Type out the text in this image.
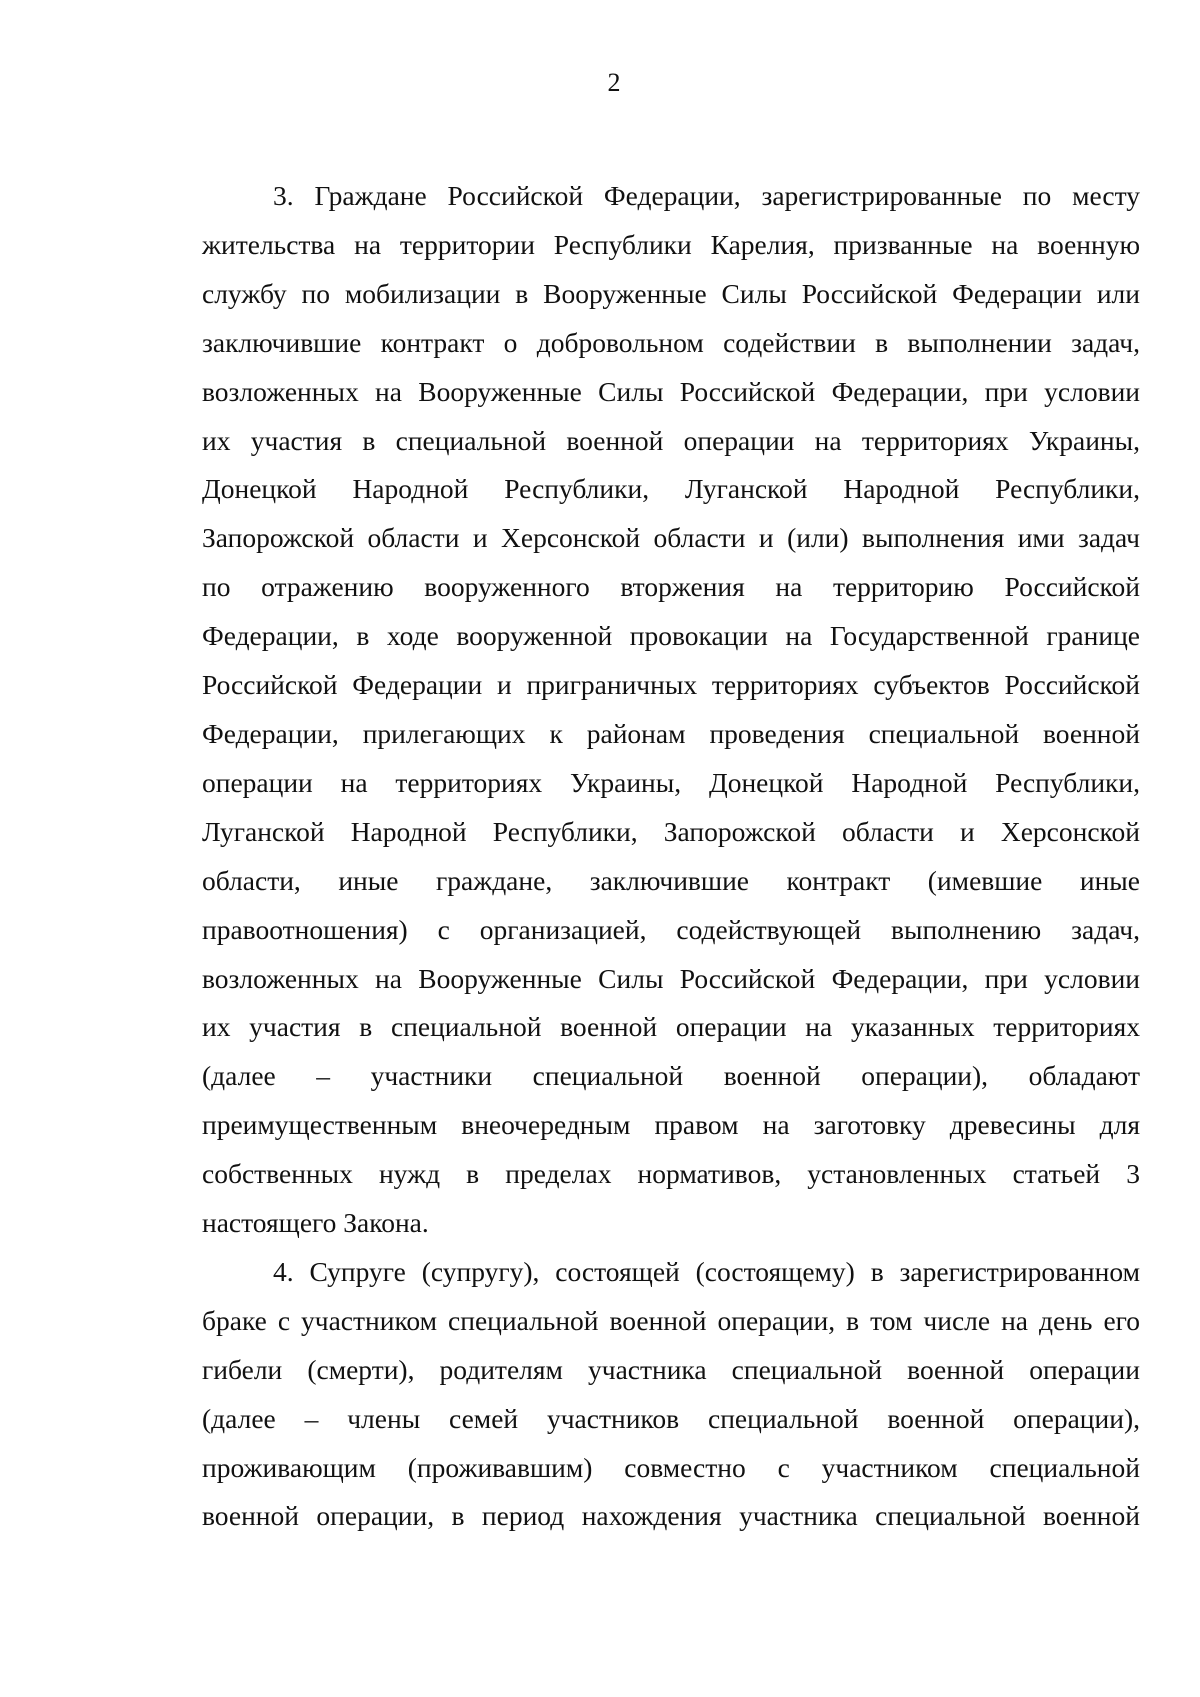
2
3. Граждане Российской Федерации, зарегистрированные по месту
жительства на территории Республики Карелия, призванные на военную
службу по мобилизации в Вооруженные Силы Российской Федерации или
заключившие контракт о добровольном содействии в выполнении задач,
возложенных на Вооруженные Силы Российской Федерации, при условии
их участия в специальной военной операции на территориях Украины,
Донецкой Народной Республики, Луганской Народной Республики,
Запорожской области и Херсонской области и (или) выполнения ими задач
по отражению вооруженного вторжения на территорию Российской
Федерации, в ходе вооруженной провокации на Государственной границе
Российской Федерации и приграничных территориях субъектов Российской
Федерации, прилегающих к районам проведения специальной военной
операции на территориях Украины, Донецкой Народной Республики,
Луганской Народной Республики, Запорожской области и Херсонской
области, иные граждане, заключившие контракт (имевшие иные
правоотношения) с организацией, содействующей выполнению задач,
возложенных на Вооруженные Силы Российской Федерации, при условии
их участия в специальной военной операции на указанных территориях
(далее – участники специальной военной операции), обладают
преимущественным внеочередным правом на заготовку древесины для
собственных нужд в пределах нормативов, установленных статьей 3
настоящего Закона.
4. Супруге (супругу), состоящей (состоящему) в зарегистрированном
браке с участником специальной военной операции, в том числе на день его
гибели (смерти), родителям участника специальной военной операции
(далее – члены семей участников специальной военной операции),
проживающим (проживавшим) совместно с участником специальной
военной операции, в период нахождения участника специальной военной
